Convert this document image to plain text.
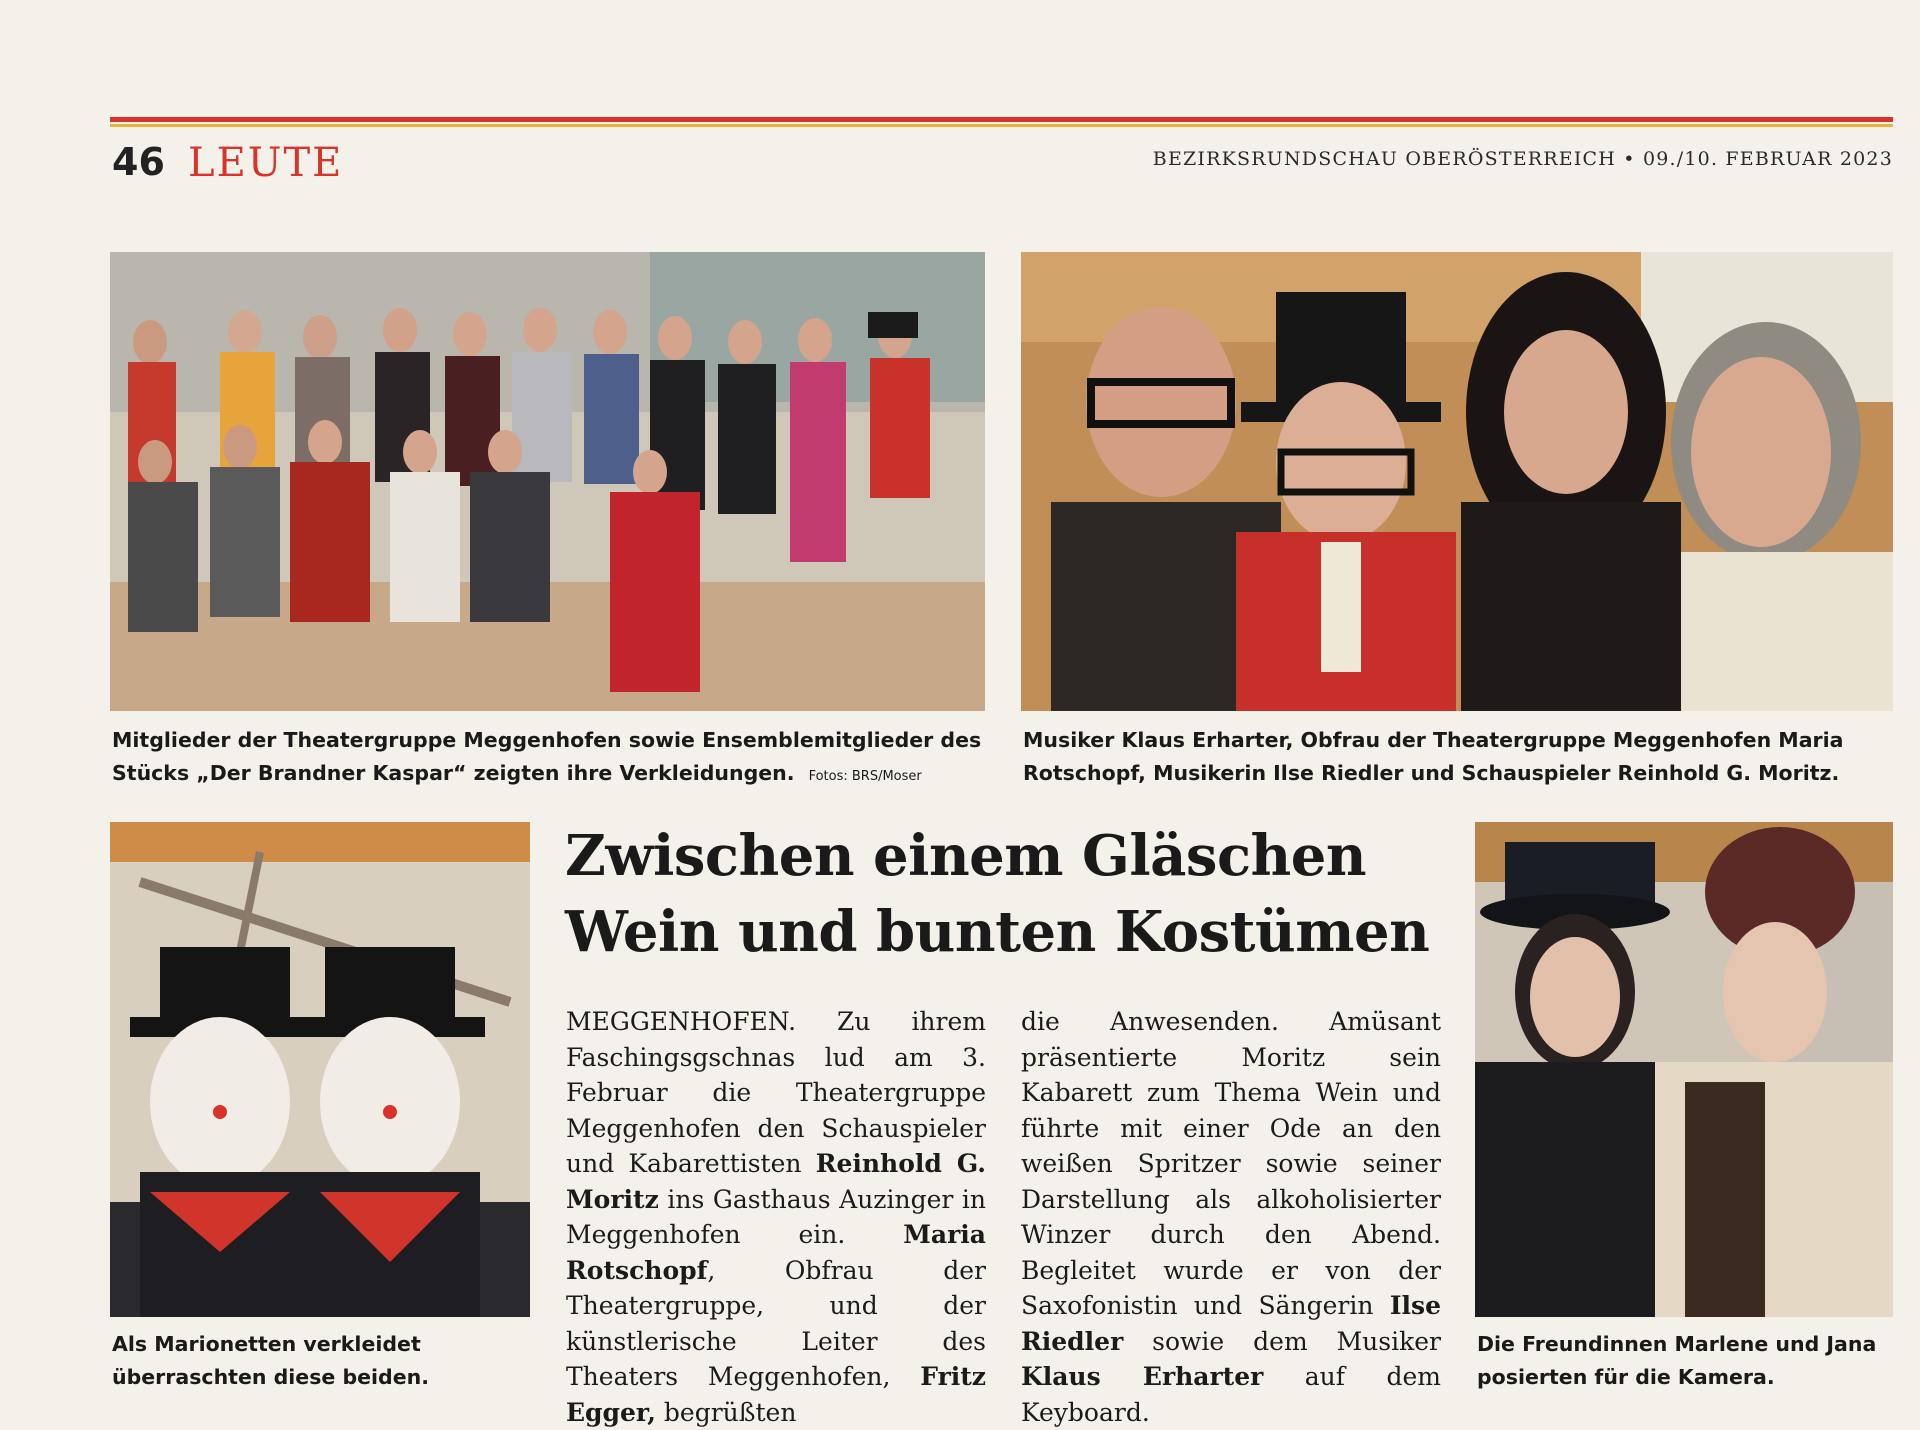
46 LEUTE	BEZIRKSRUNDSCHAU OBERÖSTERREICH • 09./10. FEBRUAR 2023
Mitglieder der Theatergruppe Meggenhofen sowie Ensemblemitglieder des Stücks „Der Brandner Kaspar“ zeigten ihre Verkleidungen. Fotos: BRS/Moser
Musiker Klaus Erharter, Obfrau der Theatergruppe Meggenhofen Maria Rotschopf, Musikerin Ilse Riedler und Schauspieler Reinhold G. Moritz.
Als Marionetten verkleidet überraschten diese beiden.
Die Freundinnen Marlene und Jana posierten für die Kamera.
Zwischen einem Gläschen Wein und bunten Kostümen
MEGGENHOFEN. Zu ihrem Faschingsgschnas lud am 3. Februar die Theatergruppe Meggenhofen den Schauspieler und Kabarettisten Reinhold G. Moritz ins Gasthaus Auzinger in Meggenhofen ein. Maria Rotschopf, Obfrau der Theatergruppe, und der künstlerische Leiter des Theaters Meggenhofen, Fritz Egger, begrüßten
die Anwesenden. Amüsant präsentierte Moritz sein Kabarett zum Thema Wein und führte mit einer Ode an den weißen Spritzer sowie seiner Darstellung als alkoholisierter Winzer durch den Abend. Begleitet wurde er von der Saxofonistin und Sängerin Ilse Riedler sowie dem Musiker Klaus Erharter auf dem Keyboard.
